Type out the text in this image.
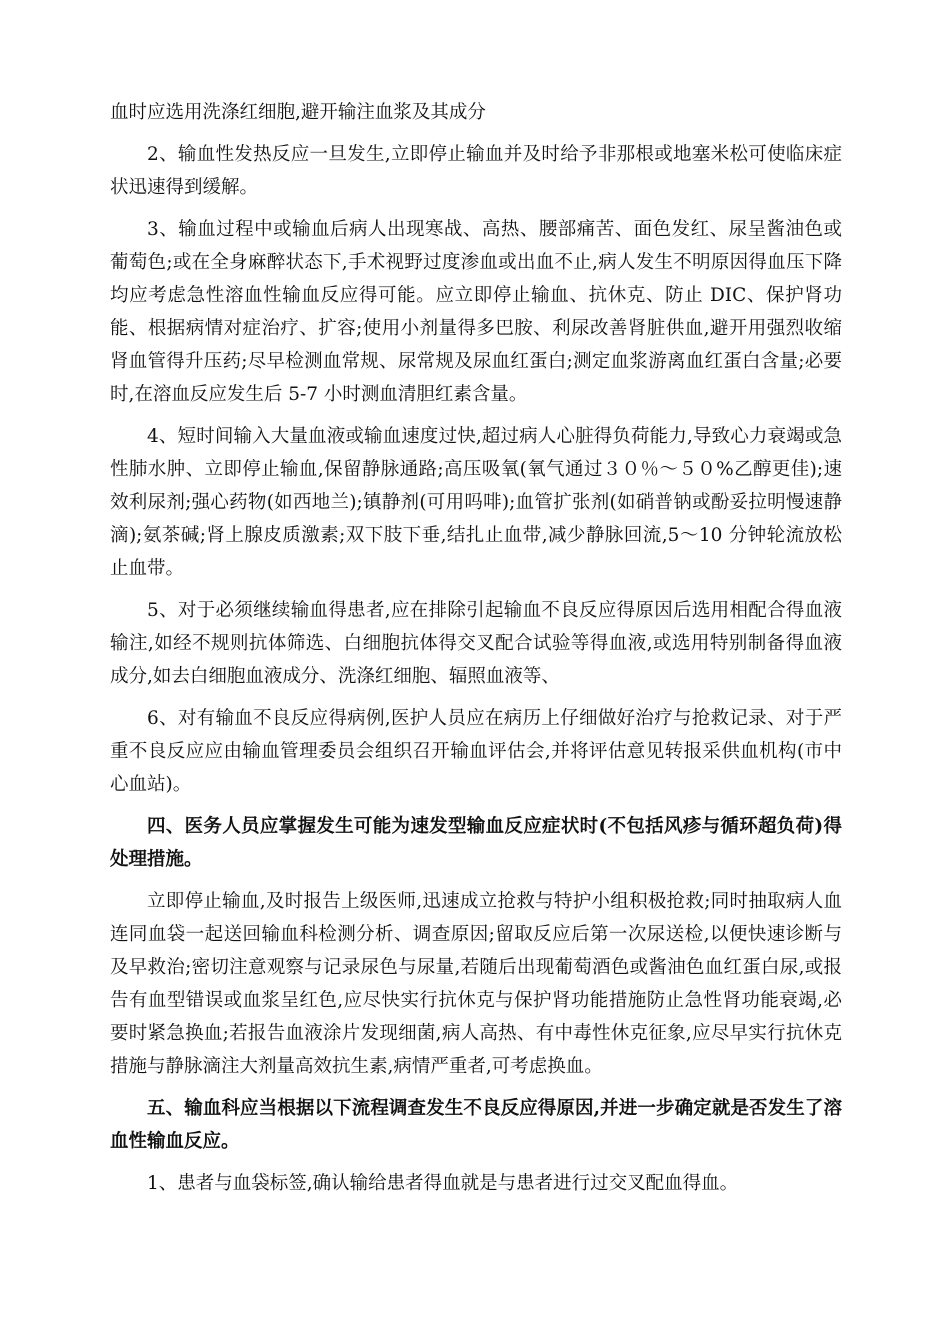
血时应选用洗涤红细胞,避开输注血浆及其成分

2、输血性发热反应一旦发生,立即停止输血并及时给予非那根或地塞米松可使临床症状迅速得到缓解。

3、输血过程中或输血后病人出现寒战、高热、腰部痛苦、面色发红、尿呈酱油色或葡萄色;或在全身麻醉状态下,手术视野过度渗血或出血不止,病人发生不明原因得血压下降均应考虑急性溶血性输血反应得可能。应立即停止输血、抗休克、防止 DIC、保护肾功能、根据病情对症治疗、扩容;使用小剂量得多巴胺、利尿改善肾脏供血,避开用强烈收缩肾血管得升压药;尽早检测血常规、尿常规及尿血红蛋白;测定血浆游离血红蛋白含量;必要时,在溶血反应发生后 5-7 小时测血清胆红素含量。

4、短时间输入大量血液或输血速度过快,超过病人心脏得负荷能力,导致心力衰竭或急性肺水肿、立即停止输血,保留静脉通路;高压吸氧(氧气通过３０％～５０%乙醇更佳);速效利尿剂;强心药物(如西地兰);镇静剂(可用吗啡);血管扩张剂(如硝普钠或酚妥拉明慢速静滴);氨茶碱;肾上腺皮质激素;双下肢下垂,结扎止血带,减少静脉回流,5～10 分钟轮流放松止血带。

5、对于必须继续输血得患者,应在排除引起输血不良反应得原因后选用相配合得血液输注,如经不规则抗体筛选、白细胞抗体得交叉配合试验等得血液,或选用特别制备得血液成分,如去白细胞血液成分、洗涤红细胞、辐照血液等、

6、对有输血不良反应得病例,医护人员应在病历上仔细做好治疗与抢救记录、对于严重不良反应应由输血管理委员会组织召开输血评估会,并将评估意见转报采供血机构(市中心血站)。

四、医务人员应掌握发生可能为速发型输血反应症状时(不包括风疹与循环超负荷)得处理措施。

立即停止输血,及时报告上级医师,迅速成立抢救与特护小组积极抢救;同时抽取病人血连同血袋一起送回输血科检测分析、调查原因;留取反应后第一次尿送检,以便快速诊断与及早救治;密切注意观察与记录尿色与尿量,若随后出现葡萄酒色或酱油色血红蛋白尿,或报告有血型错误或血浆呈红色,应尽快实行抗休克与保护肾功能措施防止急性肾功能衰竭,必要时紧急换血;若报告血液涂片发现细菌,病人高热、有中毒性休克征象,应尽早实行抗休克措施与静脉滴注大剂量高效抗生素,病情严重者,可考虑换血。

五、输血科应当根据以下流程调查发生不良反应得原因,并进一步确定就是否发生了溶血性输血反应。

1、患者与血袋标签,确认输给患者得血就是与患者进行过交叉配血得血。
